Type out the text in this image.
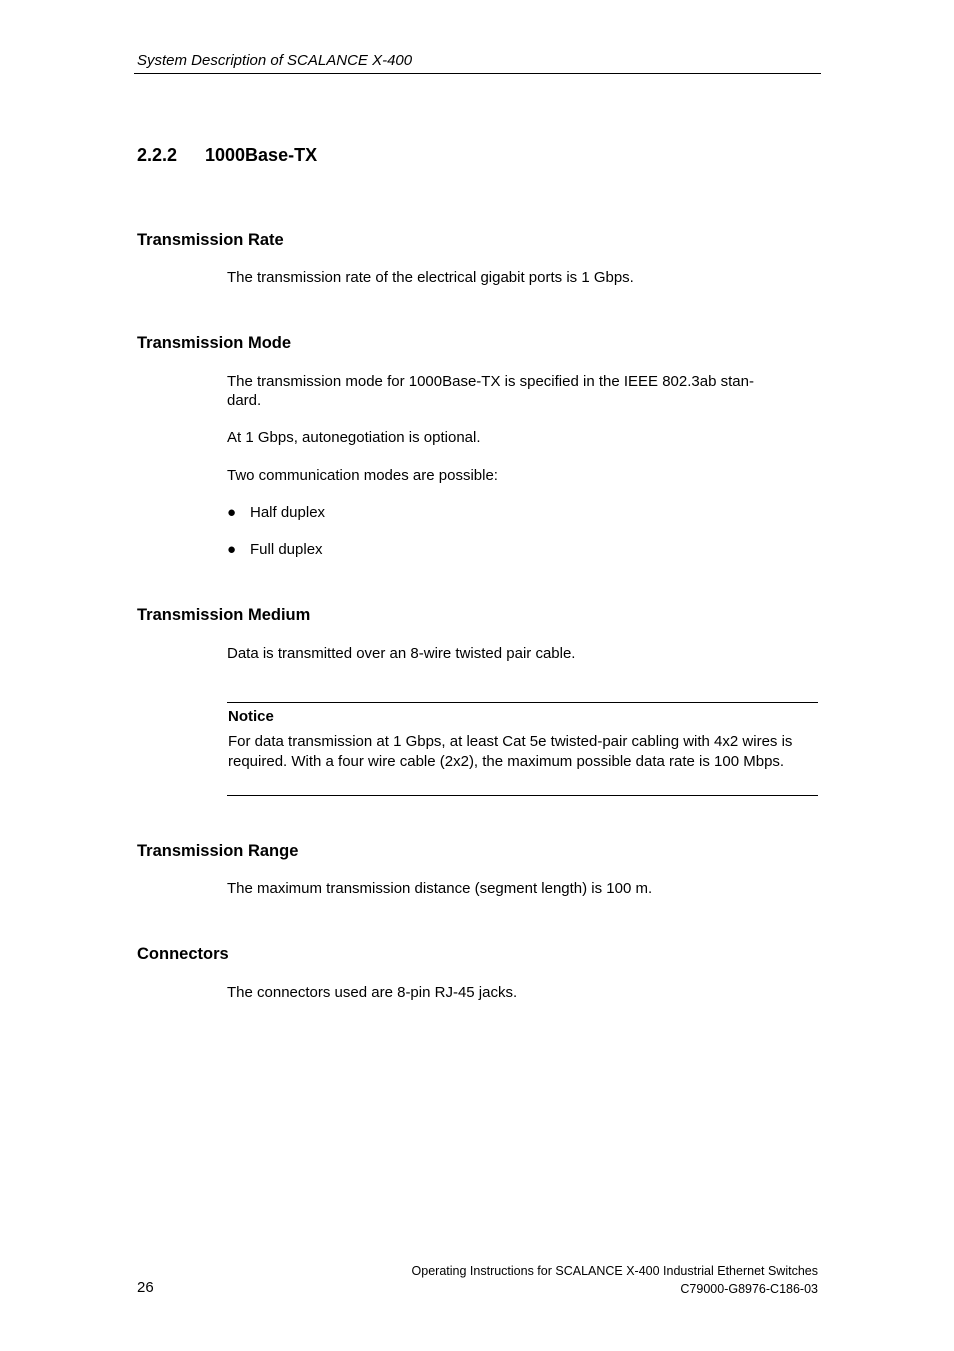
System Description of SCALANCE X-400
2.2.2 1000Base-TX
Transmission Rate
The transmission rate of the electrical gigabit ports is 1 Gbps.
Transmission Mode
The transmission mode for 1000Base-TX is specified in the IEEE 802.3ab stan-
dard.
At 1 Gbps, autonegotiation is optional.
Two communication modes are possible:
● Half duplex
● Full duplex
Transmission Medium
Data is transmitted over an 8-wire twisted pair cable.
Notice
For data transmission at 1 Gbps, at least Cat 5e twisted-pair cabling with 4x2 wires is required. With a four wire cable (2x2), the maximum possible data rate is 100 Mbps.
Transmission Range
The maximum transmission distance (segment length) is 100 m.
Connectors
The connectors used are 8-pin RJ-45 jacks.
Operating Instructions for SCALANCE X-400 Industrial Ethernet Switches
26	C79000-G8976-C186-03
